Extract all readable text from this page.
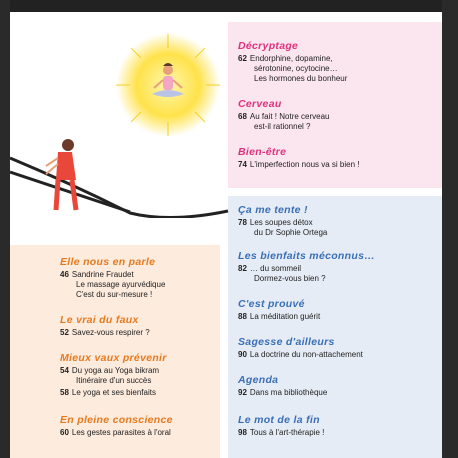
Décryptage
62 Endorphine, dopamine,
sérotonine, ocytocine…
Les hormones du bonheur
Cerveau
68 Au fait ! Notre cerveau
est-il rationnel ?
Bien-être
74 L'imperfection nous va si bien !
Ça me tente !
78 Les soupes détox
du Dr Sophie Ortega
Les bienfaits méconnus…
82 … du sommeil
Dormez-vous bien ?
C'est prouvé
88 La méditation guérit
Sagesse d'ailleurs
90 La doctrine du non-attachement
Agenda
92 Dans ma bibliothèque
Le mot de la fin
98 Tous à l'art-thérapie !
Elle nous en parle
46 Sandrine Fraudet
Le massage ayurvédique
C'est du sur-mesure !
Le vrai du faux
52 Savez-vous respirer ?
Mieux vaux prévenir
54 Du yoga au Yoga bikram
Itinéraire d'un succès
58 Le yoga et ses bienfaits
En pleine conscience
60 Les gestes parasites à l'oral
